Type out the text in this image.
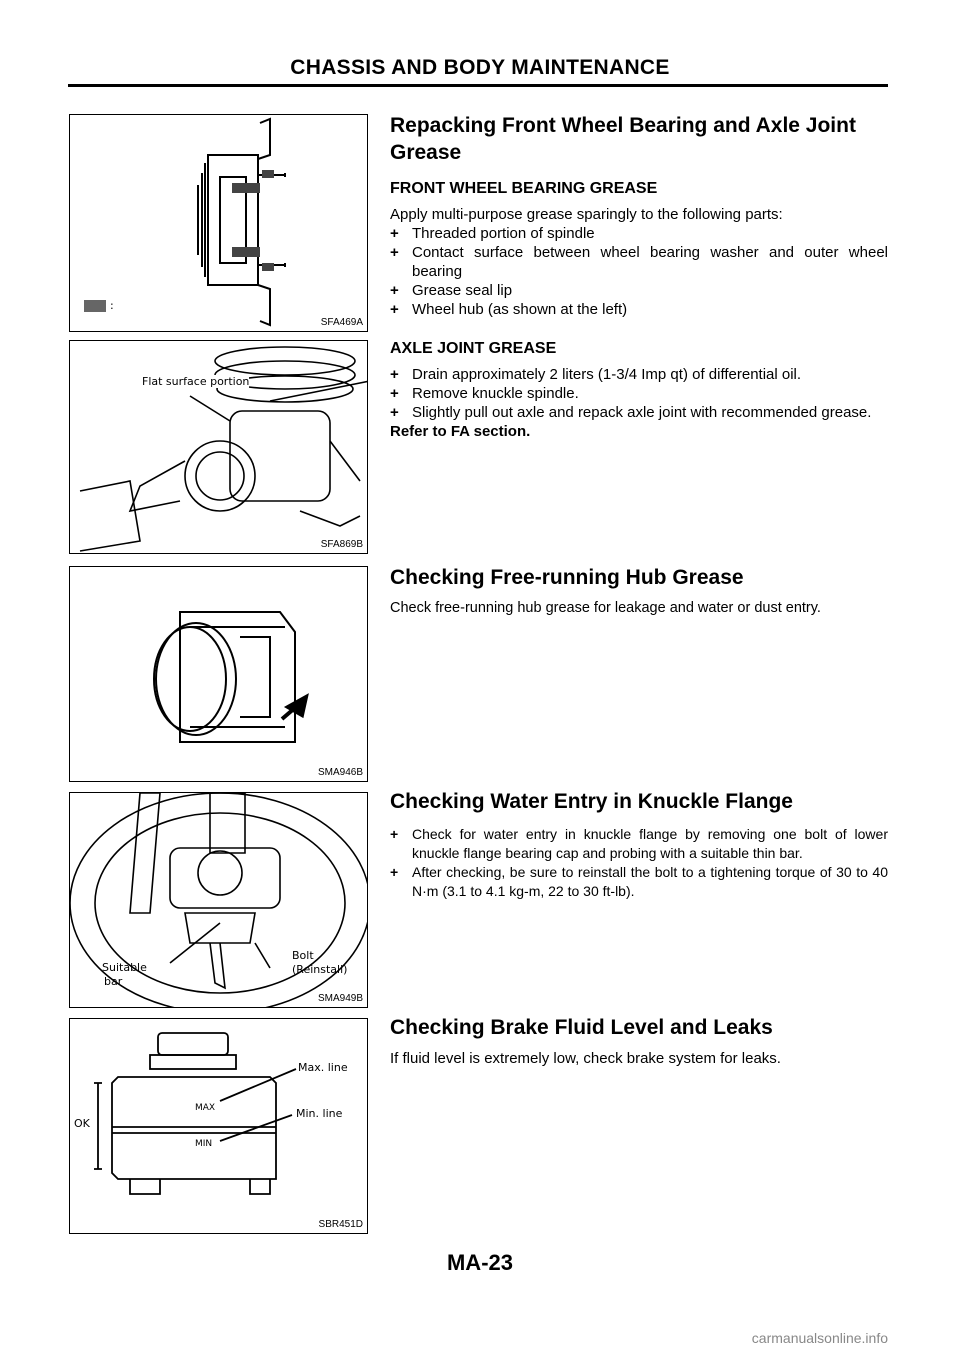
CHASSIS AND BODY MAINTENANCE
:
SFA469A
Flat surface portion
SFA869B
SMA946B
Suitable
bar
Bolt
(Reinstall)
SMA949B
Max. line
Min. line
OK
MAX
MIN
SBR451D
Repacking Front Wheel Bearing and Axle Joint
Grease
FRONT WHEEL BEARING GREASE

Apply multi-purpose grease sparingly to the following parts:

+ Threaded portion of spindle
+ Contact surface between wheel bearing washer and outer wheel bearing
+ Grease seal lip
+ Wheel hub (as shown at the left)
AXLE JOINT GREASE
+ Drain approximately 2 liters (1-3/4 Imp qt) of differential oil.
+ Remove knuckle spindle.
+ Slightly pull out axle and repack axle joint with recommended grease.
Refer to FA section.
Checking Free-running Hub Grease

Check free-running hub grease for leakage and water or dust entry.

Checking Water Entry in Knuckle Flange
+ Check for water entry in knuckle flange by removing one bolt of lower knuckle flange bearing cap and probing with a suitable thin bar.
+ After checking, be sure to reinstall the bolt to a tightening torque of 30 to 40 N·m (3.1 to 4.1 kg-m, 22 to 30 ft-lb).
Checking Brake Fluid Level and Leaks

If fluid level is extremely low, check brake system for leaks.

MA-23
carmanualsonline.info
